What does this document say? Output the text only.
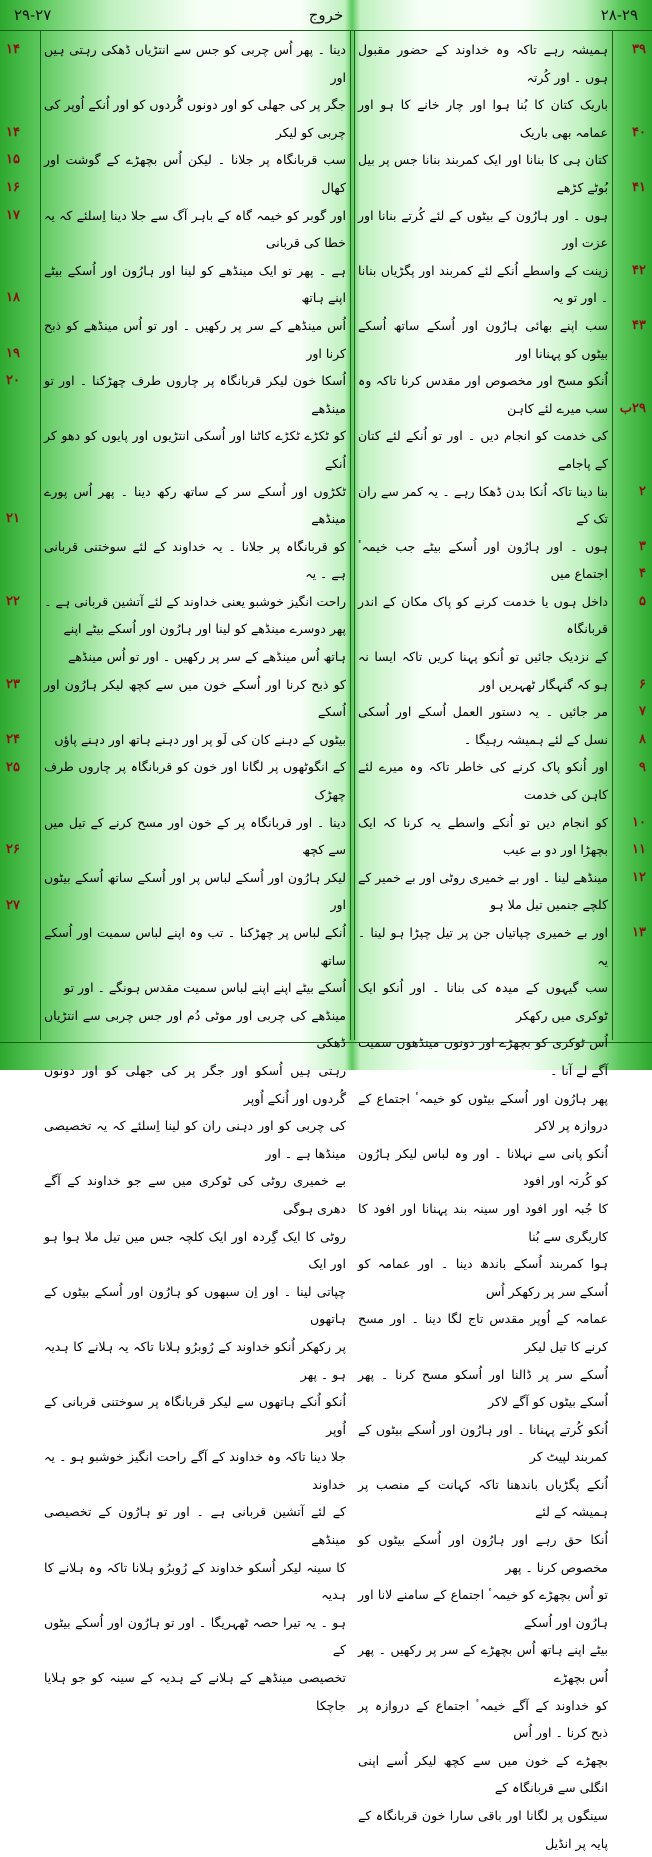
۲۸-۲۹
خروج
۲۹-۲۷

ہمیشہ رہے تاکہ وہ خداوند کے حضور مقبول ہوں ۔ اور کُرتہ

باریک کتان کا بُنا ہوا اور چار خانے کا ہو اور عمامہ بھی باریک

کتان ہی کا بنانا اور ایک کمربند بنانا جس پر بیل بُوٹے کڑھے

ہوں ۔ اور ہارُون کے بیٹوں کے لئے کُرتے بنانا اور عزت اور

زینت کے واسطے اُنکے لئے کمربند اور پگڑیاں بنانا ۔ اور تو یہ

سب اپنے بھائی ہارُون اور اُسکے ساتھ اُسکے بیٹوں کو پہنانا اور

اُنکو مسح اور مخصوص اور مقدس کرنا تاکہ وہ سب میرے لئے کاہن

کی خدمت کو انجام دیں ۔ اور تو اُنکے لئے کتان کے پاجامے

بنا دینا تاکہ اُنکا بدن ڈھکا رہے ۔ یہ کمر سے ران تک کے

ہوں ۔ اور ہارُون اور اُسکے بیٹے جب خیمہٴ اجتماع میں

داخل ہوں یا خدمت کرنے کو پاک مکان کے اندر قربانگاہ

کے نزدیک جائیں تو اُنکو پہنا کریں تاکہ ایسا نہ ہو کہ گنہگار ٹھہریں اور

مر جائیں ۔ یہ دستور العمل اُسکے اور اُسکی نسل کے لئے ہمیشہ رہیگا ۔

اور اُنکو پاک کرنے کی خاطر تاکہ وہ میرے لئے کاہن کی خدمت

کو انجام دیں تو اُنکے واسطے یہ کرنا کہ ایک بچھڑا اور دو بے عیب

مینڈھے لینا ۔ اور بے خمیری روٹی اور بے خمیر کے کلچے جنمیں تیل ملا ہو

اور بے خمیری چپاتیاں جن پر تیل چپڑا ہو لینا ۔ یہ

سب گیہوں کے میدہ کی بنانا ۔ اور اُنکو ایک ٹوکری میں رکھکر

اُس ٹوکری کو بچھڑے اور دونوں مینڈھوں سمیت آگے لے آنا ۔

پھر ہارُون اور اُسکے بیٹوں کو خیمہٴ اجتماع کے دروازہ پر لاکر

اُنکو پانی سے نہلانا ۔ اور وہ لباس لیکر ہارُون کو کُرتہ اور افود

کا جُبہ اور افود اور سینہ بند پہنانا اور افود کا کاریگری سے بُنا

ہوا کمربند اُسکے باندھ دینا ۔ اور عمامہ کو اُسکے سر پر رکھکر اُس

عمامہ کے اُوپر مقدس تاج لگا دینا ۔ اور مسح کرنے کا تیل لیکر

اُسکے سر پر ڈالنا اور اُسکو مسح کرنا ۔ پھر اُسکے بیٹوں کو آگے لاکر

اُنکو کُرتے پہنانا ۔ اور ہارُون اور اُسکے بیٹوں کے کمربند لپیٹ کر

اُنکے پگڑیاں باندھنا تاکہ کہانت کے منصب پر ہمیشہ کے لئے

اُنکا حق رہے اور ہارُون اور اُسکے بیٹوں کو مخصوص کرنا ۔ پھر

تو اُس بچھڑے کو خیمہٴ اجتماع کے سامنے لانا اور ہارُون اور اُسکے

بیٹے اپنے ہاتھ اُس بچھڑے کے سر پر رکھیں ۔ پھر اُس بچھڑے

کو خداوند کے آگے خیمہٴ اجتماع کے دروازہ پر ذبح کرنا ۔ اور اُس

بچھڑے کے خون میں سے کچھ لیکر اُسے اپنی انگلی سے قربانگاہ کے

سینگوں پر لگانا اور باقی سارا خون قربانگاہ کے پایہ پر انڈیل

دینا ۔ پھر اُس چربی کو جس سے انتڑیاں ڈھکی رہتی ہیں اور

جگر پر کی جھلی کو اور دونوں گُردوں کو اور اُنکے اُوپر کی چربی کو لیکر

سب قربانگاہ پر جلانا ۔ لیکن اُس بچھڑے کے گوشت اور کھال

اور گوبر کو خیمہ گاہ کے باہر آگ سے جلا دینا اِسلئے کہ یہ خطا کی قربانی

ہے ۔ پھر تو ایک مینڈھے کو لینا اور ہارُون اور اُسکے بیٹے اپنے ہاتھ

اُس مینڈھے کے سر پر رکھیں ۔ اور تو اُس مینڈھے کو ذبح کرنا اور

اُسکا خون لیکر قربانگاہ پر چاروں طرف چھڑکنا ۔ اور تو مینڈھے

کو ٹکڑے ٹکڑے کاٹنا اور اُسکی انتڑیوں اور پایوں کو دھو کر اُنکے

ٹکڑوں اور اُسکے سر کے ساتھ رکھ دینا ۔ پھر اُس پورے مینڈھے

کو قربانگاہ پر جلانا ۔ یہ خداوند کے لئے سوختنی قربانی ہے ۔ یہ

راحت انگیز خوشبو یعنی خداوند کے لئے آتشین قربانی ہے ۔

پھر دوسرے مینڈھے کو لینا اور ہارُون اور اُسکے بیٹے اپنے

ہاتھ اُس مینڈھے کے سر پر رکھیں ۔ اور تو اُس مینڈھے

کو ذبح کرنا اور اُسکے خون میں سے کچھ لیکر ہارُون اور اُسکے

بیٹوں کے دہنے کان کی لَو پر اور دہنے ہاتھ اور دہنے پاؤں

کے انگوٹھوں پر لگانا اور خون کو قربانگاہ پر چاروں طرف چھڑک

دینا ۔ اور قربانگاہ پر کے خون اور مسح کرنے کے تیل میں سے کچھ

لیکر ہارُون اور اُسکے لباس پر اور اُسکے ساتھ اُسکے بیٹوں اور

اُنکے لباس پر چھڑکنا ۔ تب وہ اپنے لباس سمیت اور اُسکے ساتھ

اُسکے بیٹے اپنے اپنے لباس سمیت مقدس ہونگے ۔ اور تو

مینڈھے کی چربی اور موٹی دُم اور جس چربی سے انتڑیاں ڈھکی

رہتی ہیں اُسکو اور جگر پر کی جھلی کو اور دونوں گُردوں اور اُنکے اُوپر

کی چربی کو اور دہنی ران کو لینا اِسلئے کہ یہ تخصیصی مینڈھا ہے ۔ اور

بے خمیری روٹی کی ٹوکری میں سے جو خداوند کے آگے دھری ہوگی

روٹی کا ایک گِردہ اور ایک کلچہ جس میں تیل ملا ہوا ہو اور ایک

چپاتی لینا ۔ اور اِن سبھوں کو ہارُون اور اُسکے بیٹوں کے ہاتھوں

پر رکھکر اُنکو خداوند کے رُوبرُو ہلانا تاکہ یہ ہلانے کا ہدیہ ہو ۔ پھر

اُنکو اُنکے ہاتھوں سے لیکر قربانگاہ پر سوختنی قربانی کے اُوپر

جلا دینا تاکہ وہ خداوند کے آگے راحت انگیز خوشبو ہو ۔ یہ خداوند

کے لئے آتشین قربانی ہے ۔ اور تو ہارُون کے تخصیصی مینڈھے

کا سینہ لیکر اُسکو خداوند کے رُوبرُو ہلانا تاکہ وہ ہلانے کا ہدیہ

ہو ۔ یہ تیرا حصہ ٹھہریگا ۔ اور تو ہارُون اور اُسکے بیٹوں کے

تخصیصی مینڈھے کے ہلانے کے ہدیہ کے سینہ کو جو ہلایا جاچکا

۳۹
۴۰
۴۱
۴۲
۴۳
۲۹ب
۲
۳
۴
۵
۶
۷
۸
۹
۱۰
۱۱
۱۲
۱۳
۱۴
۱۴
۱۵
۱۶
۱۷
۱۸
۱۹
۲۰
۲۱
۲۲
۲۳
۲۴
۲۵
۲۶
۲۷
